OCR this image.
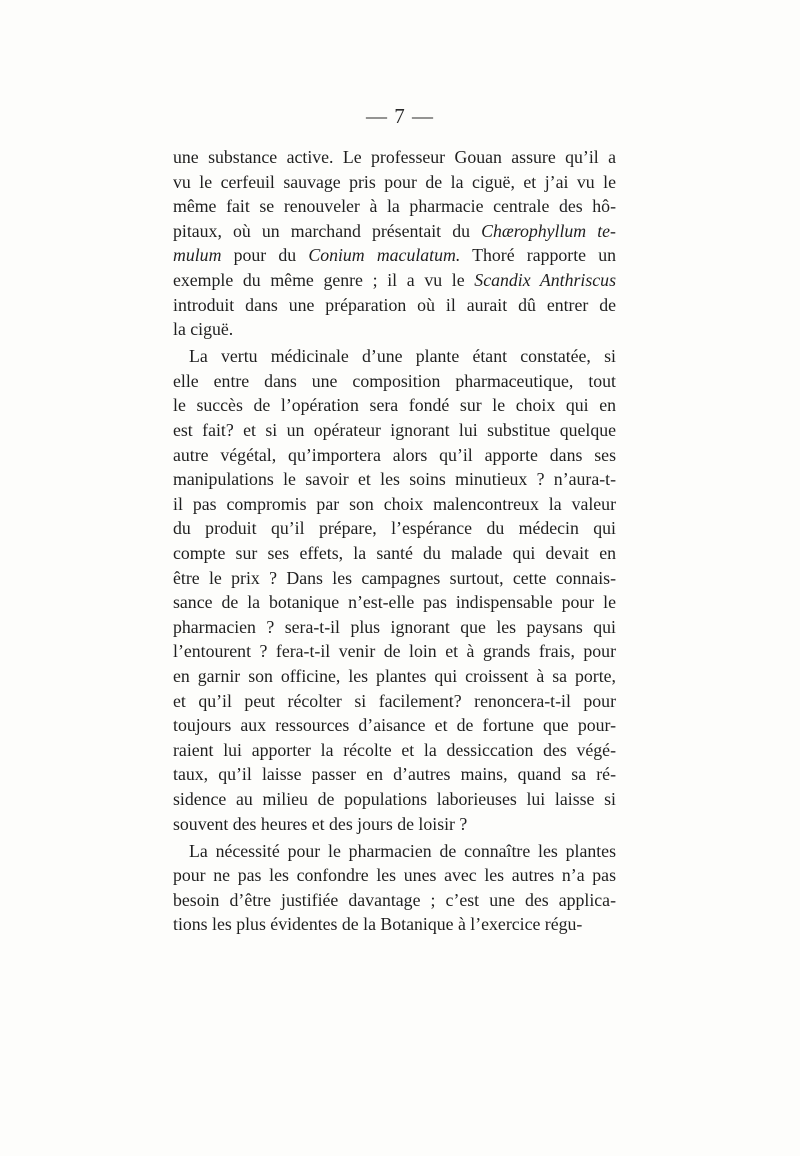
— 7 —
une substance active. Le professeur Gouan assure qu’il a
vu le cerfeuil sauvage pris pour de la ciguë, et j’ai vu le
même fait se renouveler à la pharmacie centrale des hô-
pitaux, où un marchand présentait du Chærophyllum te-
mulum pour du Conium maculatum. Thoré rapporte un
exemple du même genre ; il a vu le Scandix Anthriscus
introduit dans une préparation où il aurait dû entrer de
la ciguë.
La vertu médicinale d’une plante étant constatée, si
elle entre dans une composition pharmaceutique, tout
le succès de l’opération sera fondé sur le choix qui en
est fait? et si un opérateur ignorant lui substitue quelque
autre végétal, qu’importera alors qu’il apporte dans ses
manipulations le savoir et les soins minutieux ? n’aura-t-
il pas compromis par son choix malencontreux la valeur
du produit qu’il prépare, l’espérance du médecin qui
compte sur ses effets, la santé du malade qui devait en
être le prix ? Dans les campagnes surtout, cette connais-
sance de la botanique n’est-elle pas indispensable pour le
pharmacien ? sera-t-il plus ignorant que les paysans qui
l’entourent ? fera-t-il venir de loin et à grands frais, pour
en garnir son officine, les plantes qui croissent à sa porte,
et qu’il peut récolter si facilement? renoncera-t-il pour
toujours aux ressources d’aisance et de fortune que pour-
raient lui apporter la récolte et la dessiccation des végé-
taux, qu’il laisse passer en d’autres mains, quand sa ré-
sidence au milieu de populations laborieuses lui laisse si
souvent des heures et des jours de loisir ?
La nécessité pour le pharmacien de connaître les plantes
pour ne pas les confondre les unes avec les autres n’a pas
besoin d’être justifiée davantage ; c’est une des applica-
tions les plus évidentes de la Botanique à l’exercice régu-
